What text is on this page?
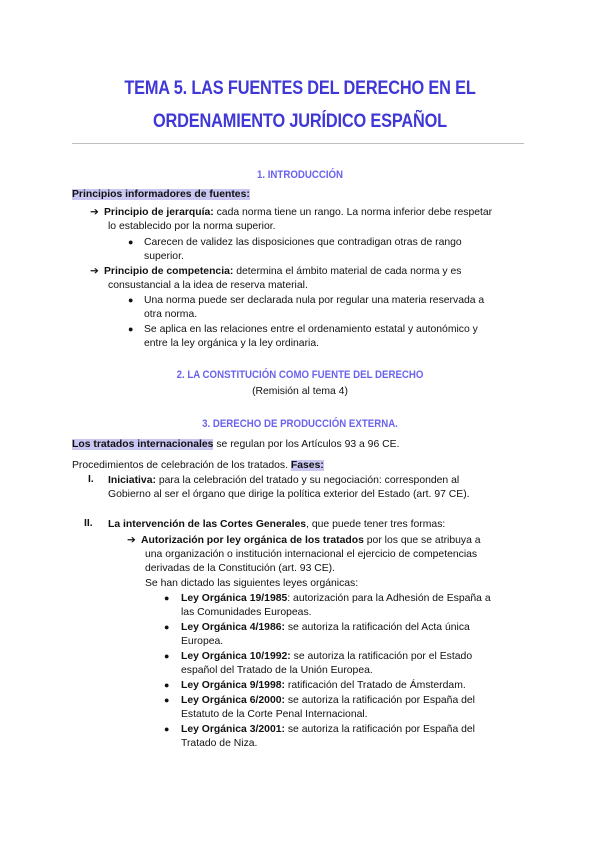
TEMA 5. LAS FUENTES DEL DERECHO EN EL
ORDENAMIENTO JURÍDICO ESPAÑOL
1. INTRODUCCIÓN
Principios informadores de fuentes:
➔ Principio de jerarquía: cada norma tiene un rango. La norma inferior debe respetar
lo establecido por la norma superior.
● Carecen de validez las disposiciones que contradigan otras de rango
superior.
➔ Principio de competencia: determina el ámbito material de cada norma y es
consustancial a la idea de reserva material.
● Una norma puede ser declarada nula por regular una materia reservada a
otra norma.
● Se aplica en las relaciones entre el ordenamiento estatal y autonómico y
entre la ley orgánica y la ley ordinaria.
2. LA CONSTITUCIÓN COMO FUENTE DEL DERECHO
(Remisión al tema 4)
3. DERECHO DE PRODUCCIÓN EXTERNA.
Los tratados internacionales se regulan por los Artículos 93 a 96 CE.
Procedimientos de celebración de los tratados. Fases:
I. Iniciativa: para la celebración del tratado y su negociación: corresponden al
Gobierno al ser el órgano que dirige la política exterior del Estado (art. 97 CE).
II. La intervención de las Cortes Generales, que puede tener tres formas:
➔ Autorización por ley orgánica de los tratados por los que se atribuya a
una organización o institución internacional el ejercicio de competencias
derivadas de la Constitución (art. 93 CE).
Se han dictado las siguientes leyes orgánicas:
● Ley Orgánica 19/1985: autorización para la Adhesión de España a
las Comunidades Europeas.
● Ley Orgánica 4/1986: se autoriza la ratificación del Acta única
Europea.
● Ley Orgánica 10/1992: se autoriza la ratificación por el Estado
español del Tratado de la Unión Europea.
● Ley Orgánica 9/1998: ratificación del Tratado de Ámsterdam.
● Ley Orgánica 6/2000: se autoriza la ratificación por España del
Estatuto de la Corte Penal Internacional.
● Ley Orgánica 3/2001: se autoriza la ratificación por España del
Tratado de Niza.
